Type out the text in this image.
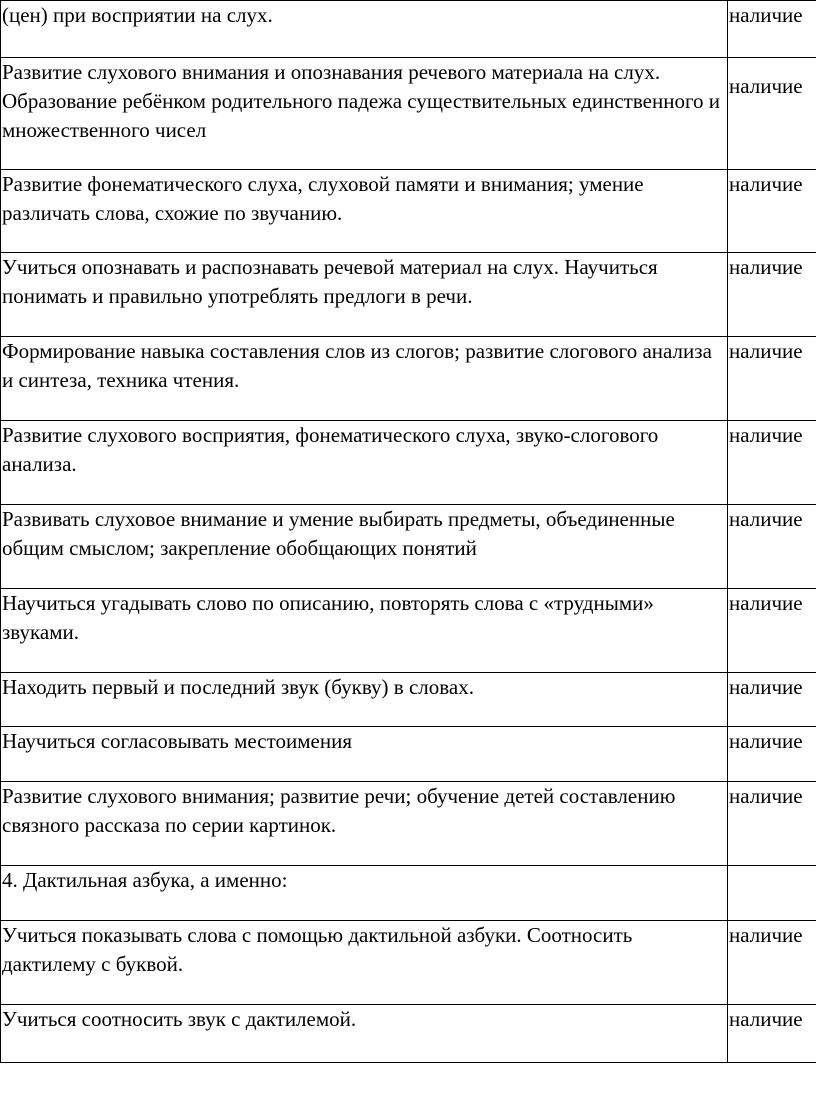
(цен) при восприятии на слух.	наличие

Развитие слухового внимания и опознавания речевого материала на слух. Образование ребёнком родительного падежа существительных единственного и множественного чисел	наличие

Развитие фонематического слуха, слуховой памяти и внимания; умение различать слова, схожие по звучанию.	наличие

Учиться опознавать и распознавать речевой материал на слух. Научиться понимать и правильно употреблять предлоги в речи.	наличие

Формирование навыка составления слов из слогов; развитие слогового анализа и синтеза, техника чтения.	наличие

Развитие слухового восприятия, фонематического слуха, звуко-слогового анализа.	наличие

Развивать слуховое внимание и умение выбирать предметы, объединенные общим смыслом; закрепление обобщающих понятий	наличие

Научиться угадывать слово по описанию, повторять слова с «трудными» звуками.	наличие

Находить первый и последний звук (букву) в словах.	наличие

Научиться согласовывать местоимения	наличие

Развитие слухового внимания; развитие речи; обучение детей составлению связного рассказа по серии картинок.	наличие

4. Дактильная азбука, а именно:	

Учиться показывать слова с помощью дактильной азбуки. Соотносить дактилему с буквой.	наличие

Учиться соотносить звук с дактилемой.	наличие
